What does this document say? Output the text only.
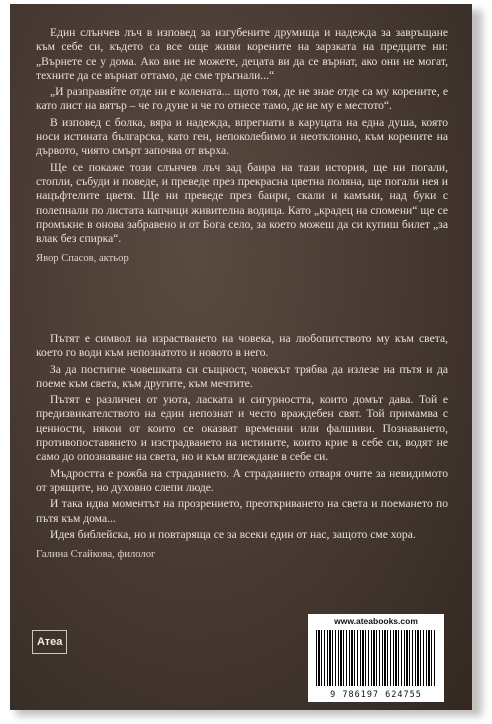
Един слънчев лъч в изповед за изгубените друмища и надежда за завръщане към себе си, където са все още живи корените на зарзката на предците ни: „Върнете се у дома. Ако вие не можете, децата ви да се върнат, ако они не могат, техните да се върнат оттамо, де сме тръгнали...“

„И разправяйте отде ни е колената... щото тоя, де не знае отде са му корените, е като лист на вятър – че го дуне и че го отнесе тамо, де не му е местото“.

В изповед с болка, вяра и надежда, впрегнати в каруцата на една душа, която носи истината българска, като ген, непоколебимо и неотклонно, към корените на дървото, чиято смърт започва от върха.

Ще се покаже този слънчев лъч зад баира на тази история, ще ни погали, стопли, събуди и поведе, и преведе през прекрасна цветна поляна, ще погали нея и нацъфтелите цветя. Ще ни преведе през баири, скали и камъни, над буки с полепнали по листата капчици живителна водица. Като „крадец на спомени“ ще се промъкне в онова забравено и от Бога село, за което можеш да си купиш билет „за влак без спирка“.

Явор Спасов, актьор

Пътят е символ на израстването на човека, на любопитството му към света, което го води към непознатото и новото в него.

За да постигне човешката си същност, човекът трябва да излезе на пътя и да поеме към света, към другите, към мечтите.

Пътят е различен от уюта, ласката и сигурността, които домът дава. Той е предизвикателството на един непознат и често враждебен свят. Той примамва с ценности, някои от които се оказват временни или фалшиви. Познаването, противопоставянето и изстрадването на истините, които крие в себе си, водят не само до опознаване на света, но и към вглеждане в себе си.

Мъдростта е рожба на страданието. А страданието отваря очите за невидимото от зрящите, но духовно слепи люде.

И така идва моментът на прозрението, преоткриването на света и поемането по пътя към дома...

Идея библейска, но и повтаряща се за всеки един от нас, защото сме хора.

Галина Стайкова, филолог

Атеа
www.ateabooks.com
9 786197 624755
